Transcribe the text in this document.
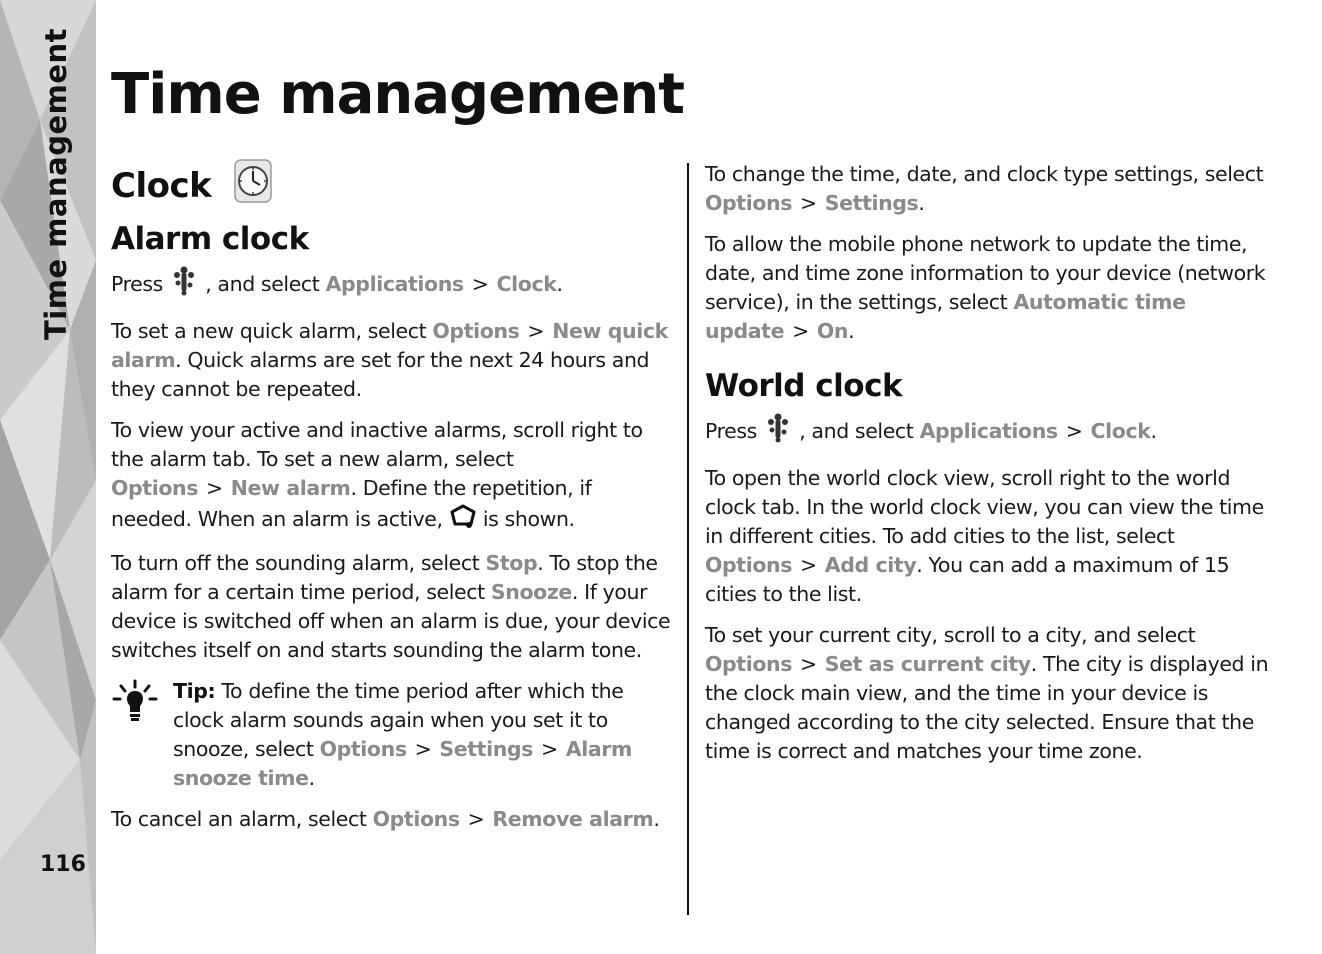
Time management
116
Time management
Clock
Alarm clock

Press , and select Applications > Clock.

To set a new quick alarm, select Options > New quick alarm. Quick alarms are set for the next 24 hours and they cannot be repeated.

To view your active and inactive alarms, scroll right to the alarm tab. To set a new alarm, select Options > New alarm. Define the repetition, if needed. When an alarm is active, is shown.

To turn off the sounding alarm, select Stop. To stop the alarm for a certain time period, select Snooze. If your device is switched off when an alarm is due, your device switches itself on and starts sounding the alarm tone.

Tip: To define the time period after which the clock alarm sounds again when you set it to snooze, select Options > Settings > Alarm snooze time.

To cancel an alarm, select Options > Remove alarm.

To change the time, date, and clock type settings, select Options > Settings.

To allow the mobile phone network to update the time, date, and time zone information to your device (network service), in the settings, select Automatic time update > On.

World clock

Press , and select Applications > Clock.

To open the world clock view, scroll right to the world clock tab. In the world clock view, you can view the time in different cities. To add cities to the list, select Options > Add city. You can add a maximum of 15 cities to the list.

To set your current city, scroll to a city, and select Options > Set as current city. The city is displayed in the clock main view, and the time in your device is changed according to the city selected. Ensure that the time is correct and matches your time zone.
